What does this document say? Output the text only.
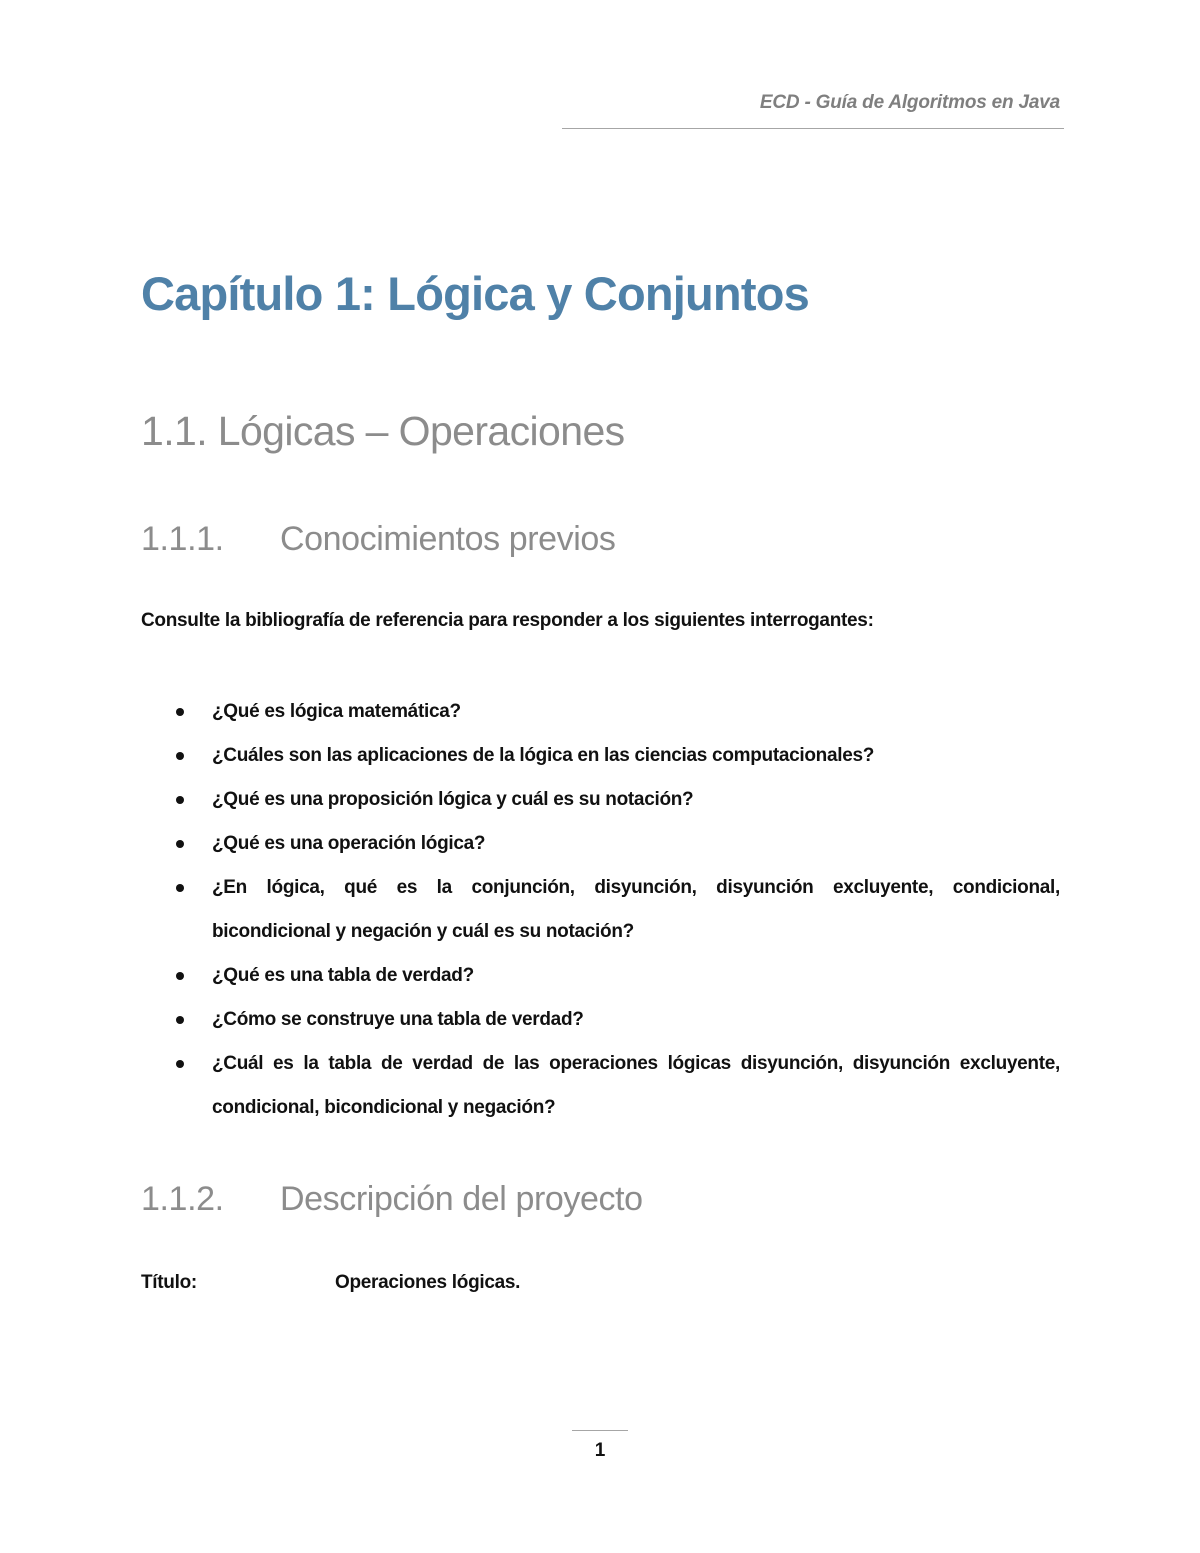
ECD - Guía de Algoritmos en Java
Capítulo 1: Lógica y Conjuntos
1.1. Lógicas – Operaciones
1.1.1. Conocimientos previos

Consulte la bibliografía de referencia para responder a los siguientes interrogantes:

¿Qué es lógica matemática?
¿Cuáles son las aplicaciones de la lógica en las ciencias computacionales?
¿Qué es una proposición lógica y cuál es su notación?
¿Qué es una operación lógica?
¿En lógica, qué es la conjunción, disyunción, disyunción excluyente, condicional,
bicondicional y negación y cuál es su notación?
¿Qué es una tabla de verdad?
¿Cómo se construye una tabla de verdad?
¿Cuál es la tabla de verdad de las operaciones lógicas disyunción, disyunción excluyente,
condicional, bicondicional y negación?
1.1.2. Descripción del proyecto
Título:	Operaciones lógicas.
1
